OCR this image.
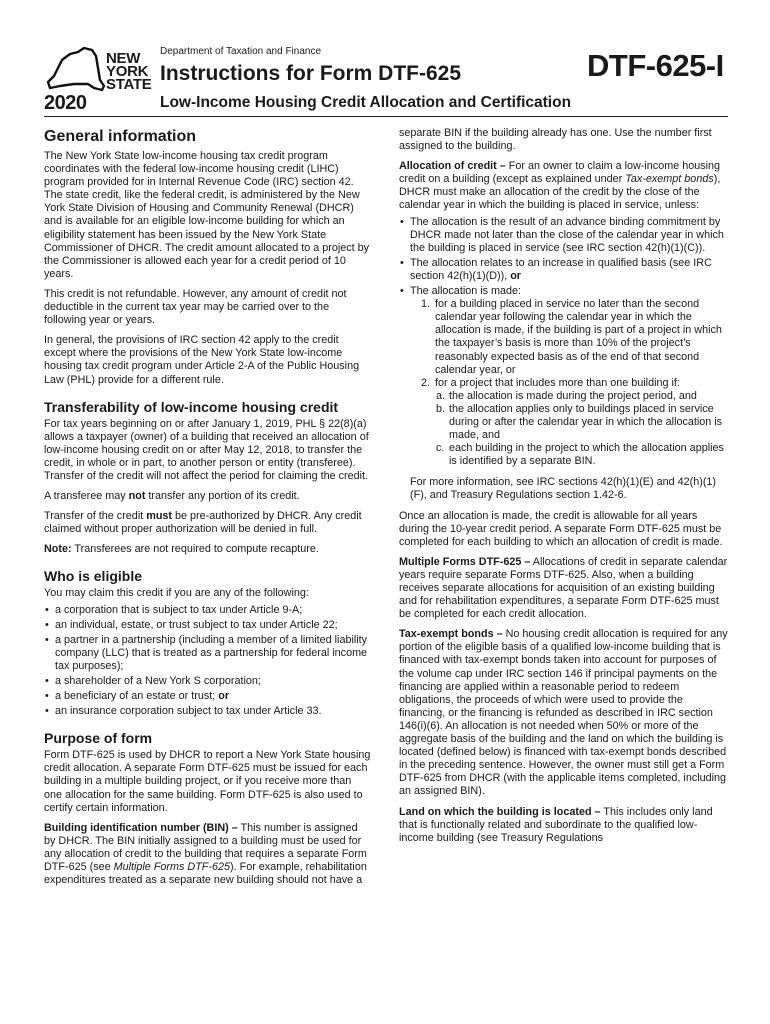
NEW
YORK
STATE
2020
Department of Taxation and Finance
Instructions for Form DTF-625	DTF-625-I
Low-Income Housing Credit Allocation and Certification
General information

The New York State low-income housing tax credit program coordinates with the federal low-income housing credit (LIHC) program provided for in Internal Revenue Code (IRC) section 42. The state credit, like the federal credit, is administered by the New York State Division of Housing and Community Renewal (DHCR) and is available for an eligible low-income building for which an eligibility statement has been issued by the New York State Commissioner of DHCR. The credit amount allocated to a project by the Commissioner is allowed each year for a credit period of 10 years.

This credit is not refundable. However, any amount of credit not deductible in the current tax year may be carried over to the following year or years.

In general, the provisions of IRC section 42 apply to the credit except where the provisions of the New York State low-income housing tax credit program under Article 2-A of the Public Housing Law (PHL) provide for a different rule.

Transferability of low-income housing credit

For tax years beginning on or after January 1, 2019, PHL § 22(8)(a) allows a taxpayer (owner) of a building that received an allocation of low-income housing credit on or after May 12, 2018, to transfer the credit, in whole or in part, to another person or entity (transferee). Transfer of the credit will not affect the period for claiming the credit.

A transferee may not transfer any portion of its credit.

Transfer of the credit must be pre-authorized by DHCR. Any credit claimed without proper authorization will be denied in full.

Note: Transferees are not required to compute recapture.

Who is eligible

You may claim this credit if you are any of the following:

• a corporation that is subject to tax under Article 9-A;
• an individual, estate, or trust subject to tax under Article 22;
• a partner in a partnership (including a member of a limited liability company (LLC) that is treated as a partnership for federal income tax purposes);
• a shareholder of a New York S corporation;
• a beneficiary of an estate or trust; or
• an insurance corporation subject to tax under Article 33.
Purpose of form

Form DTF-625 is used by DHCR to report a New York State housing credit allocation. A separate Form DTF-625 must be issued for each building in a multiple building project, or if you receive more than one allocation for the same building. Form DTF-625 is also used to certify certain information.

Building identification number (BIN) – This number is assigned by DHCR. The BIN initially assigned to a building must be used for any allocation of credit to the building that requires a separate Form DTF-625 (see Multiple Forms DTF-625). For example, rehabilitation expenditures treated as a separate new building should not have a

separate BIN if the building already has one. Use the number first assigned to the building.

Allocation of credit – For an owner to claim a low-income housing credit on a building (except as explained under Tax-exempt bonds), DHCR must make an allocation of the credit by the close of the calendar year in which the building is placed in service, unless:

• The allocation is the result of an advance binding commitment by DHCR made not later than the close of the calendar year in which the building is placed in service (see IRC section 42(h)(1)(C)).
• The allocation relates to an increase in qualified basis (see IRC section 42(h)(1)(D)), or
• The allocation is made:
1. for a building placed in service no later than the second calendar year following the calendar year in which the allocation is made, if the building is part of a project in which the taxpayer’s basis is more than 10% of the project’s reasonably expected basis as of the end of that second calendar year, or
2. for a project that includes more than one building if:
a. the allocation is made during the project period, and
b. the allocation applies only to buildings placed in service during or after the calendar year in which the allocation is made, and
c. each building in the project to which the allocation applies is identified by a separate BIN.

For more information, see IRC sections 42(h)(1)(E) and 42(h)(1)(F), and Treasury Regulations section 1.42-6.

Once an allocation is made, the credit is allowable for all years during the 10-year credit period. A separate Form DTF-625 must be completed for each building to which an allocation of credit is made.

Multiple Forms DTF-625 – Allocations of credit in separate calendar years require separate Forms DTF-625. Also, when a building receives separate allocations for acquisition of an existing building and for rehabilitation expenditures, a separate Form DTF-625 must be completed for each credit allocation.

Tax-exempt bonds – No housing credit allocation is required for any portion of the eligible basis of a qualified low-income building that is financed with tax-exempt bonds taken into account for purposes of the volume cap under IRC section 146 if principal payments on the financing are applied within a reasonable period to redeem obligations, the proceeds of which were used to provide the financing, or the financing is refunded as described in IRC section 146(i)(6). An allocation is not needed when 50% or more of the aggregate basis of the building and the land on which the building is located (defined below) is financed with tax-exempt bonds described in the preceding sentence. However, the owner must still get a Form DTF-625 from DHCR (with the applicable items completed, including an assigned BIN).

Land on which the building is located – This includes only land that is functionally related and subordinate to the qualified low-income building (see Treasury Regulations
